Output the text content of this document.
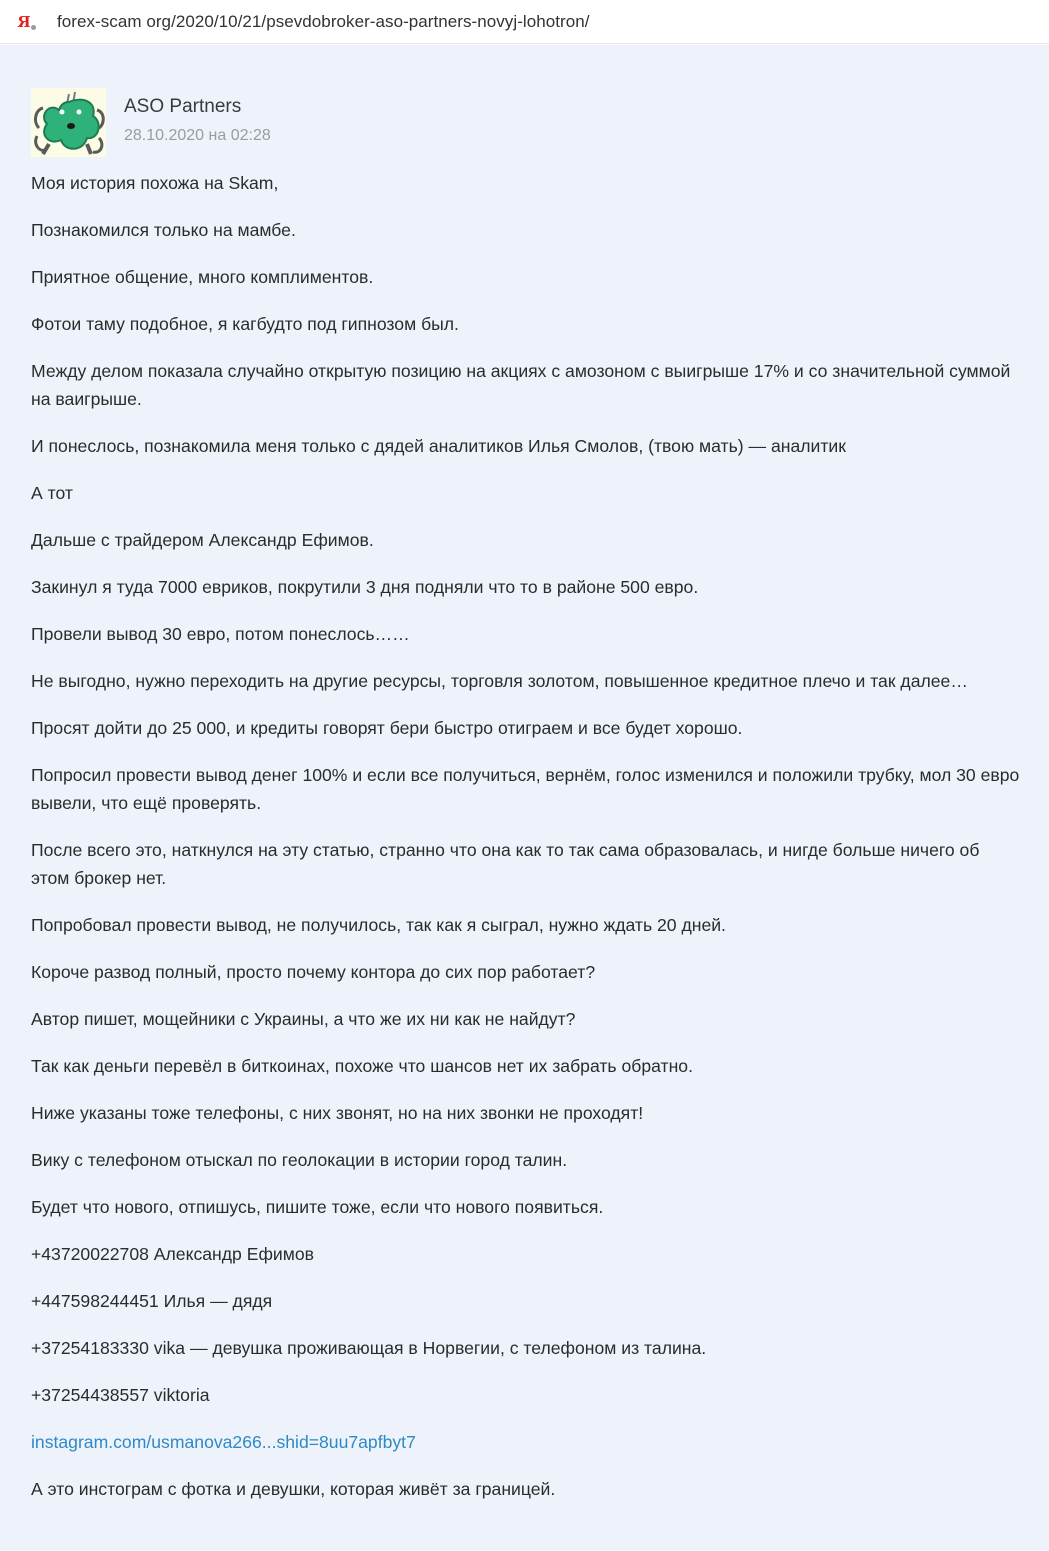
Я forex-scam org/2020/10/21/psevdobroker-aso-partners-novyj-lohotron/
ASO Partners
28.10.2020 на 02:28

Моя история похожа на Skam,

Познакомился только на мамбе.

Приятное общение, много комплиментов.

Фотои таму подобное, я кагбудто под гипнозом был.

Между делом показала случайно открытую позицию на акциях с амозоном с выигрыше 17% и со значительной суммой на ваигрыше.

И понеслось, познакомила меня только с дядей аналитиков Илья Смолов, (твою мать) — аналитик

А тот

Дальше с трайдером Александр Ефимов.

Закинул я туда 7000 евриков, покрутили 3 дня подняли что то в районе 500 евро.

Провели вывод 30 евро, потом понеслось……

Не выгодно, нужно переходить на другие ресурсы, торговля золотом, повышенное кредитное плечо и так далее…

Просят дойти до 25 000, и кредиты говорят бери быстро отиграем и все будет хорошо.

Попросил провести вывод денег 100% и если все получиться, вернём, голос изменился и положили трубку, мол 30 евро вывели, что ещё проверять.

После всего это, наткнулся на эту статью, странно что она как то так сама образовалась, и нигде больше ничего об этом брокер нет.

Попробовал провести вывод, не получилось, так как я сыграл, нужно ждать 20 дней.

Короче развод полный, просто почему контора до сих пор работает?

Автор пишет, мощейники с Украины, а что же их ни как не найдут?

Так как деньги перевёл в биткоинах, похоже что шансов нет их забрать обратно.

Ниже указаны тоже телефоны, с них звонят, но на них звонки не проходят!

Вику с телефоном отыскал по геолокации в истории город талин.

Будет что нового, отпишусь, пишите тоже, если что нового появиться.

+43720022708 Александр Ефимов

+447598244451 Илья — дядя

+37254183330 vika — девушка проживающая в Норвегии, с телефоном из талина.

+37254438557 viktoria

instagram.com/usmanova266...shid=8uu7apfbyt7

А это инстограм с фотка и девушки, которая живёт за границей.
